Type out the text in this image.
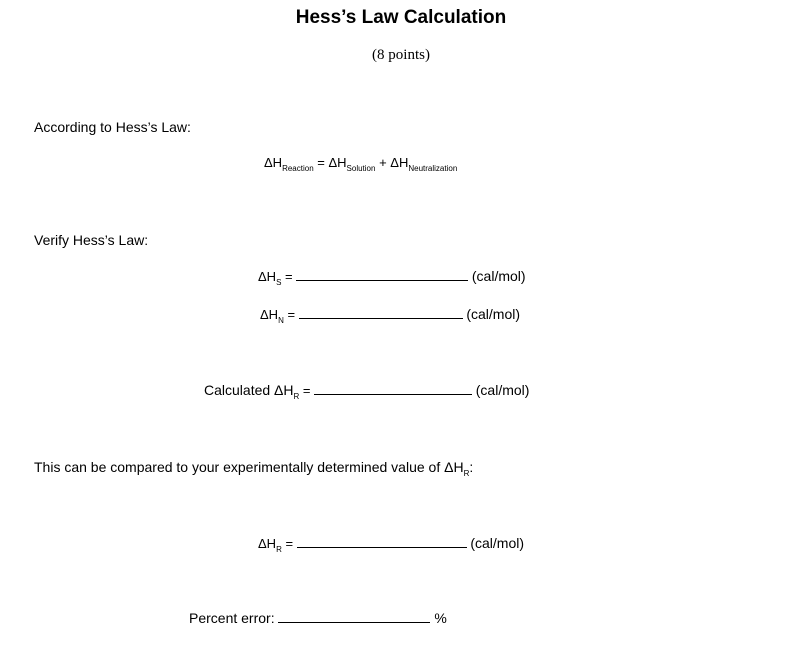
Hess’s Law Calculation
(8 points)
According to Hess’s Law:
$\Delta H_{Reaction} = \Delta H_{Solution} + \Delta H_{Neutralization}$
Verify Hess’s Law:
$\Delta H_S$ =	(cal/mol)
$\Delta H_N$ =	(cal/mol)
Calculated $\Delta H_R$ =	(cal/mol)
This can be compared to your experimentally determined value of $\Delta H_R$:
$\Delta H_R$ =	(cal/mol)
Percent error:	%
